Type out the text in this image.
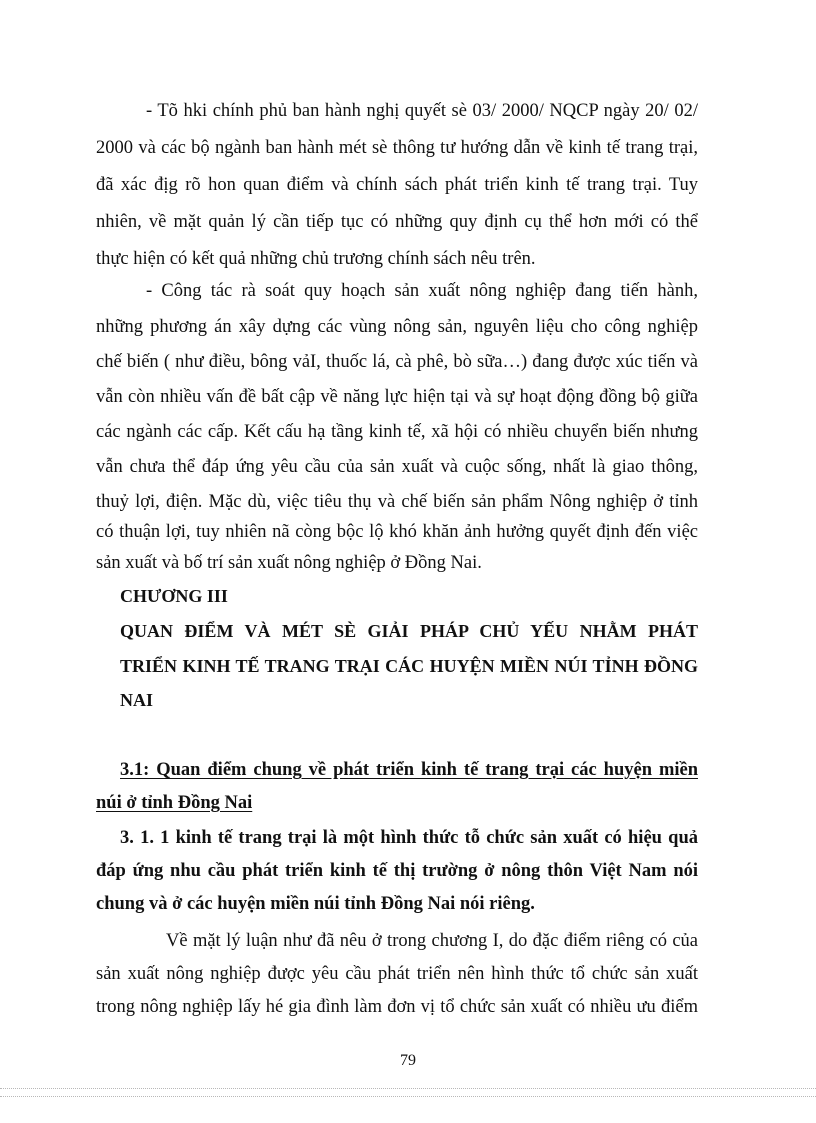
- Tõ hki chính phủ ban hành nghị quyết sè 03/ 2000/ NQCP ngày 20/ 02/
2000 và các bộ ngành ban hành mét sè thông tư hướng dẫn về kinh tế trang trại,
đã xác địg rõ hon quan điểm và chính sách phát triển kinh tế trang trại. Tuy
nhiên, về mặt quản lý cần tiếp tục có những quy định cụ thể hơn mới có thể
thực hiện có kết quả những chủ trương chính sách nêu trên.
- Công tác rà soát quy hoạch sản xuất nông nghiệp đang tiến hành,
những phương án xây dựng các vùng nông sản, nguyên liệu cho công nghiệp
chế biến ( như điều, bông vảI, thuốc lá, cà phê, bò sữa…) đang được xúc tiến và
vẫn còn nhiều vấn đề bất cập về năng lực hiện tại và sự hoạt động đồng bộ giữa
các ngành các cấp. Kết cấu hạ tầng kinh tế, xã hội có nhiều chuyển biến nhưng
vẫn chưa thể đáp ứng yêu cầu của sản xuất và cuộc sống, nhất là giao thông,
thuỷ lợi, điện. Mặc dù, việc tiêu thụ và chế biến sản phẩm Nông nghiệp ở tỉnh
có thuận lợi, tuy nhiên nã còng bộc lộ khó khăn ảnh hưởng quyết định đến việc
sản xuất và bố trí sản xuất nông nghiệp ở Đồng Nai.
CHƯƠNG III
QUAN ĐIỂM VÀ MÉT SÈ GIẢI PHÁP CHỦ YẾU NHẰM PHÁT
TRIỂN KINH TẾ TRANG TRẠI CÁC HUYỆN MIỀN NÚI TỈNH ĐỒNG
NAI
3.1: Quan điểm chung về phát triển kinh tế trang trại các huyện miền
núi ở tỉnh Đồng Nai
3. 1. 1 kinh tế trang trại là một hình thức tỗ chức sản xuất có hiệu quả
đáp ứng nhu cầu phát triển kinh tế thị trường ở nông thôn Việt Nam nói
chung và ở các huyện miền núi tỉnh Đồng Nai nói riêng.
Về mặt lý luận như đã nêu ở trong chương I, do đặc điểm riêng có của
sản xuất nông nghiệp được yêu cầu phát triển nên hình thức tổ chức sản xuất
trong nông nghiệp lấy hé gia đình làm đơn vị tổ chức sản xuất có nhiều ưu điểm
79
